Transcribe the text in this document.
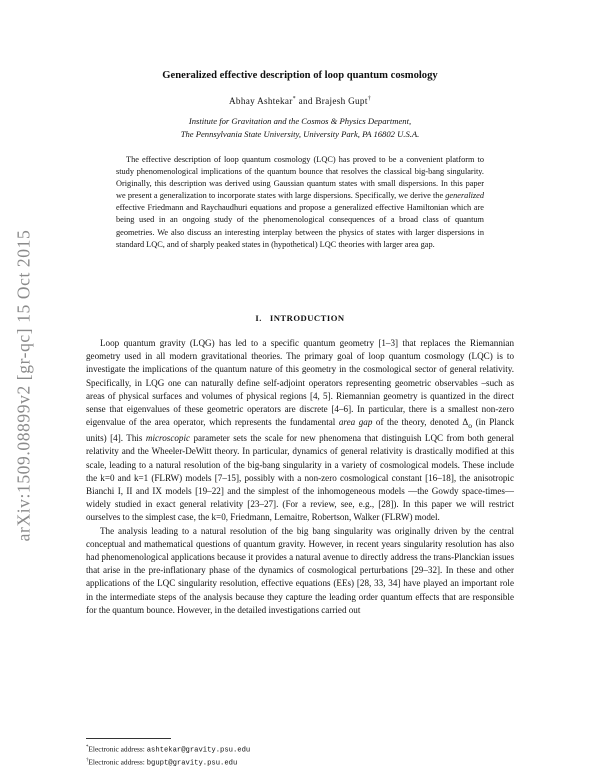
arXiv:1509.08899v2 [gr-qc] 15 Oct 2015
Generalized effective description of loop quantum cosmology
Abhay Ashtekar* and Brajesh Gupt†
Institute for Gravitation and the Cosmos & Physics Department,
The Pennsylvania State University, University Park, PA 16802 U.S.A.
The effective description of loop quantum cosmology (LQC) has proved to be a convenient platform to study phenomenological implications of the quantum bounce that resolves the classical big-bang singularity. Originally, this description was derived using Gaussian quantum states with small dispersions. In this paper we present a generalization to incorporate states with large dispersions. Specifically, we derive the generalized effective Friedmann and Raychaudhuri equations and propose a generalized effective Hamiltonian which are being used in an ongoing study of the phenomenological consequences of a broad class of quantum geometries. We also discuss an interesting interplay between the physics of states with larger dispersions in standard LQC, and of sharply peaked states in (hypothetical) LQC theories with larger area gap.
I. INTRODUCTION

Loop quantum gravity (LQG) has led to a specific quantum geometry [1–3] that replaces the Riemannian geometry used in all modern gravitational theories. The primary goal of loop quantum cosmology (LQC) is to investigate the implications of the quantum nature of this geometry in the cosmological sector of general relativity. Specifically, in LQG one can naturally define self-adjoint operators representing geometric observables –such as areas of physical surfaces and volumes of physical regions [4, 5]. Riemannian geometry is quantized in the direct sense that eigenvalues of these geometric operators are discrete [4–6]. In particular, there is a smallest non-zero eigenvalue of the area operator, which represents the fundamental area gap of the theory, denoted $\Delta_o$ (in Planck units) [4]. This microscopic parameter sets the scale for new phenomena that distinguish LQC from both general relativity and the Wheeler-DeWitt theory. In particular, dynamics of general relativity is drastically modified at this scale, leading to a natural resolution of the big-bang singularity in a variety of cosmological models. These include the k=0 and k=1 (FLRW) models [7–15], possibly with a non-zero cosmological constant [16–18], the anisotropic Bianchi I, II and IX models [19–22] and the simplest of the inhomogeneous models —the Gowdy space-times— widely studied in exact general relativity [23–27]. (For a review, see, e.g., [28]). In this paper we will restrict ourselves to the simplest case, the k=0, Friedmann, Lemaitre, Robertson, Walker (FLRW) model.

The analysis leading to a natural resolution of the big bang singularity was originally driven by the central conceptual and mathematical questions of quantum gravity. However, in recent years singularity resolution has also had phenomenological applications because it provides a natural avenue to directly address the trans-Planckian issues that arise in the pre-inflationary phase of the dynamics of cosmological perturbations [29–32]. In these and other applications of the LQC singularity resolution, effective equations (EEs) [28, 33, 34] have played an important role in the intermediate steps of the analysis because they capture the leading order quantum effects that are responsible for the quantum bounce. However, in the detailed investigations carried out

*Electronic address: ashtekar@gravity.psu.edu
†Electronic address: bgupt@gravity.psu.edu
